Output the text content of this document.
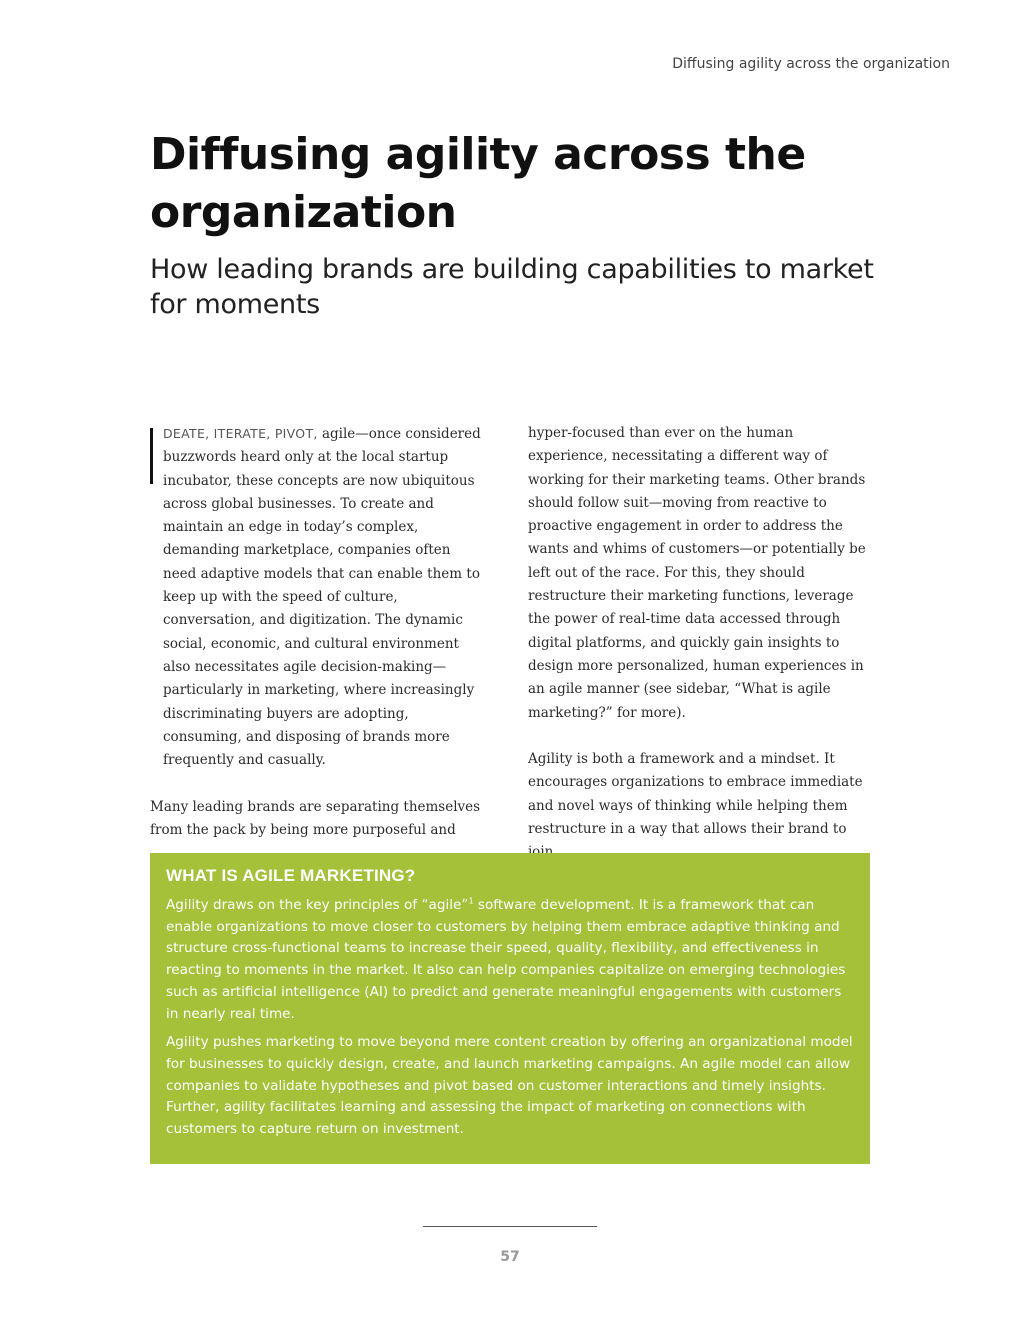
Diffusing agility across the organization
Diffusing agility across the organization
How leading brands are building capabilities to market for moments

DEATE, ITERATE, PIVOT, agile—once considered buzzwords heard only at the local startup incubator, these concepts are now ubiquitous across global businesses. To create and maintain an edge in today’s complex, demanding marketplace, companies often need adaptive models that can enable them to keep up with the speed of culture, conversation, and digitization. The dynamic social, economic, and cultural environment also necessitates agile decision-making—particularly in marketing, where increasingly discriminating buyers are adopting, consuming, and disposing of brands more frequently and casually.

Many leading brands are separating themselves from the pack by being more purposeful and

hyper-focused than ever on the human experience, necessitating a different way of working for their marketing teams. Other brands should follow suit—moving from reactive to proactive engagement in order to address the wants and whims of customers—or potentially be left out of the race. For this, they should restructure their marketing functions, leverage the power of real-time data accessed through digital platforms, and quickly gain insights to design more personalized, human experiences in an agile manner (see sidebar, “What is agile marketing?” for more).

Agility is both a framework and a mindset. It encourages organizations to embrace immediate and novel ways of thinking while helping them restructure in a way that allows their brand to

WHAT IS AGILE MARKETING?

Agility draws on the key principles of “agile”$^1$ software development. It is a framework that can enable organizations to move closer to customers by helping them embrace adaptive thinking and structure cross-functional teams to increase their speed, quality, flexibility, and effectiveness in reacting to moments in the market. It also can help companies capitalize on emerging technologies such as artificial intelligence (AI) to predict and generate meaningful engagements with customers in nearly real time.

Agility pushes marketing to move beyond mere content creation by offering an organizational model for businesses to quickly design, create, and launch marketing campaigns. An agile model can allow companies to validate hypotheses and pivot based on customer interactions and timely insights. Further, agility facilitates learning and assessing the impact of marketing on connections with customers to capture return on investment.

57
